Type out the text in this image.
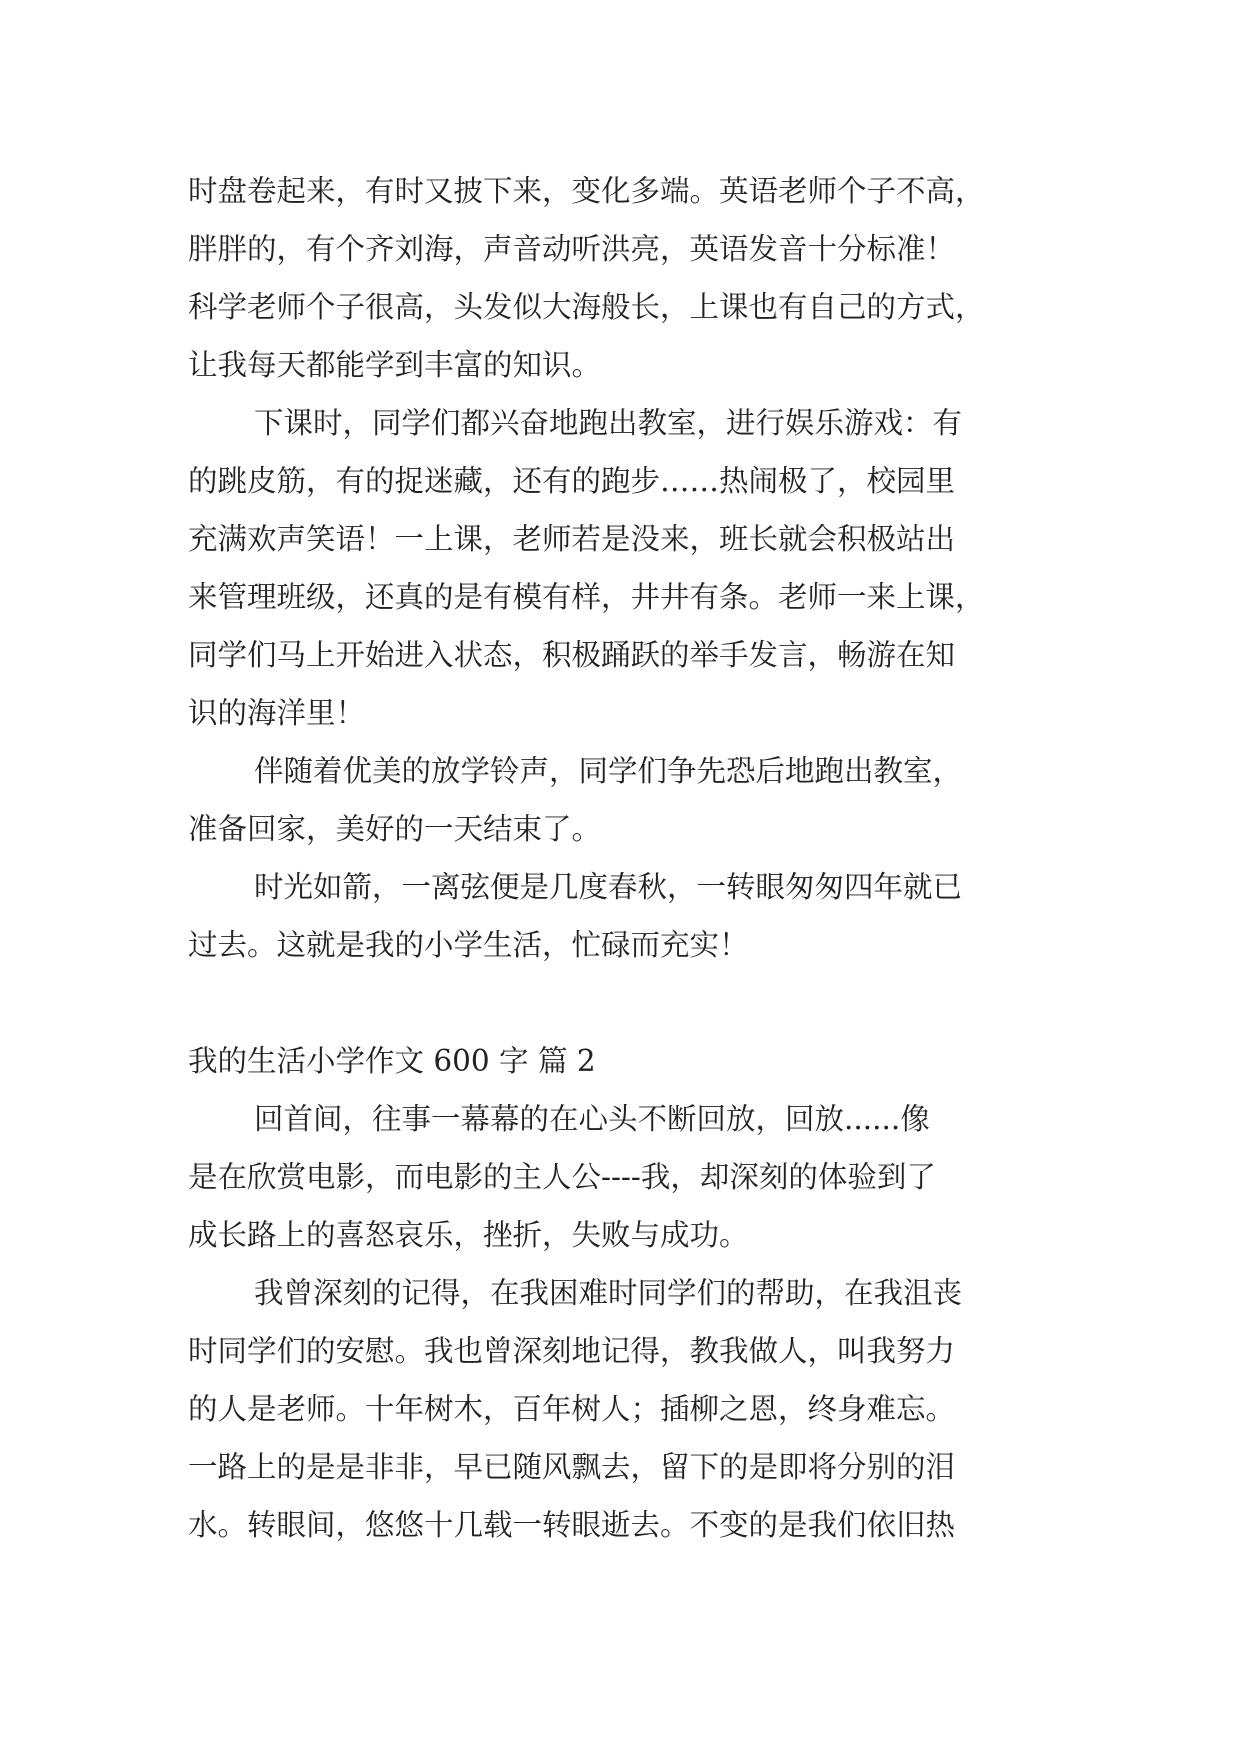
时盘卷起来，有时又披下来，变化多端。英语老师个子不高，
胖胖的，有个齐刘海，声音动听洪亮，英语发音十分标准！
科学老师个子很高，头发似大海般长，上课也有自己的方式，
让我每天都能学到丰富的知识。
下课时，同学们都兴奋地跑出教室，进行娱乐游戏：有
的跳皮筋，有的捉迷藏，还有的跑步……热闹极了，校园里
充满欢声笑语！一上课，老师若是没来，班长就会积极站出
来管理班级，还真的是有模有样，井井有条。老师一来上课，
同学们马上开始进入状态，积极踊跃的举手发言，畅游在知
识的海洋里！
伴随着优美的放学铃声，同学们争先恐后地跑出教室，
准备回家，美好的一天结束了。
时光如箭，一离弦便是几度春秋，一转眼匆匆四年就已
过去。这就是我的小学生活，忙碌而充实！
我的生活小学作文 600 字 篇 2
回首间，往事一幕幕的在心头不断回放，回放......像
是在欣赏电影，而电影的主人公----我，却深刻的体验到了
成长路上的喜怒哀乐，挫折，失败与成功。
我曾深刻的记得，在我困难时同学们的帮助，在我沮丧
时同学们的安慰。我也曾深刻地记得，教我做人，叫我努力
的人是老师。十年树木，百年树人；插柳之恩，终身难忘。
一路上的是是非非，早已随风飘去，留下的是即将分别的泪
水。转眼间，悠悠十几载一转眼逝去。不变的是我们依旧热
